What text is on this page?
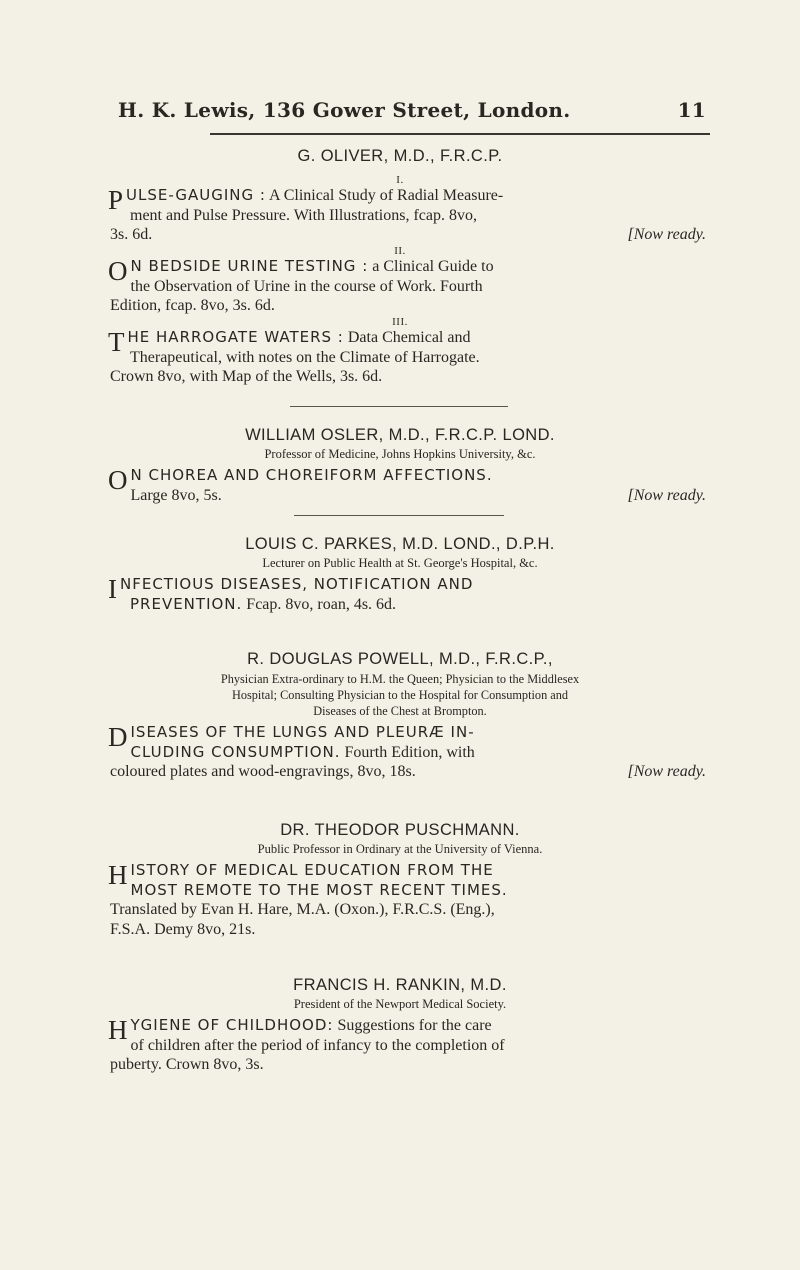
H. K. Lewis, 136 Gower Street, London.	11
G. OLIVER, M.D., F.R.C.P.
I.

PULSE-GAUGING : A Clinical Study of Radial Measure-

ment and Pulse Pressure. With Illustrations, fcap. 8vo,

3s. 6d.	[Now ready.

II.

O N BEDSIDE URINE TESTING : a Clinical Guide to

the Observation of Urine in the course of Work. Fourth

Edition, fcap. 8vo, 3s. 6d.

III.

THE HARROGATE WATERS : Data Chemical and

Therapeutical, with notes on the Climate of Harrogate.

Crown 8vo, with Map of the Wells, 3s. 6d.

WILLIAM OSLER, M.D., F.R.C.P. LOND.
Professor of Medicine, Johns Hopkins University, &c.

O N CHOREA AND CHOREIFORM AFFECTIONS.

Large 8vo, 5s.	[Now ready.

LOUIS C. PARKES, M.D. LOND., D.P.H.
Lecturer on Public Health at St. George's Hospital, &c.

INFECTIOUS DISEASES, NOTIFICATION AND

PREVENTION. Fcap. 8vo, roan, 4s. 6d.

R. DOUGLAS POWELL, M.D., F.R.C.P.,
Physician Extra-ordinary to H.M. the Queen; Physician to the Middlesex
Hospital; Consulting Physician to the Hospital for Consumption and
Diseases of the Chest at Brompton.

DISEASES OF THE LUNGS AND PLEURÆ IN-

CLUDING CONSUMPTION. Fourth Edition, with

coloured plates and wood-engravings, 8vo, 18s.	[Now ready.

DR. THEODOR PUSCHMANN.
Public Professor in Ordinary at the University of Vienna.

HISTORY OF MEDICAL EDUCATION FROM THE

MOST REMOTE TO THE MOST RECENT TIMES.

Translated by Evan H. Hare, M.A. (Oxon.), F.R.C.S. (Eng.),

F.S.A. Demy 8vo, 21s.

FRANCIS H. RANKIN, M.D.
President of the Newport Medical Society.

HYGIENE OF CHILDHOOD: Suggestions for the care

of children after the period of infancy to the completion of

puberty. Crown 8vo, 3s.
